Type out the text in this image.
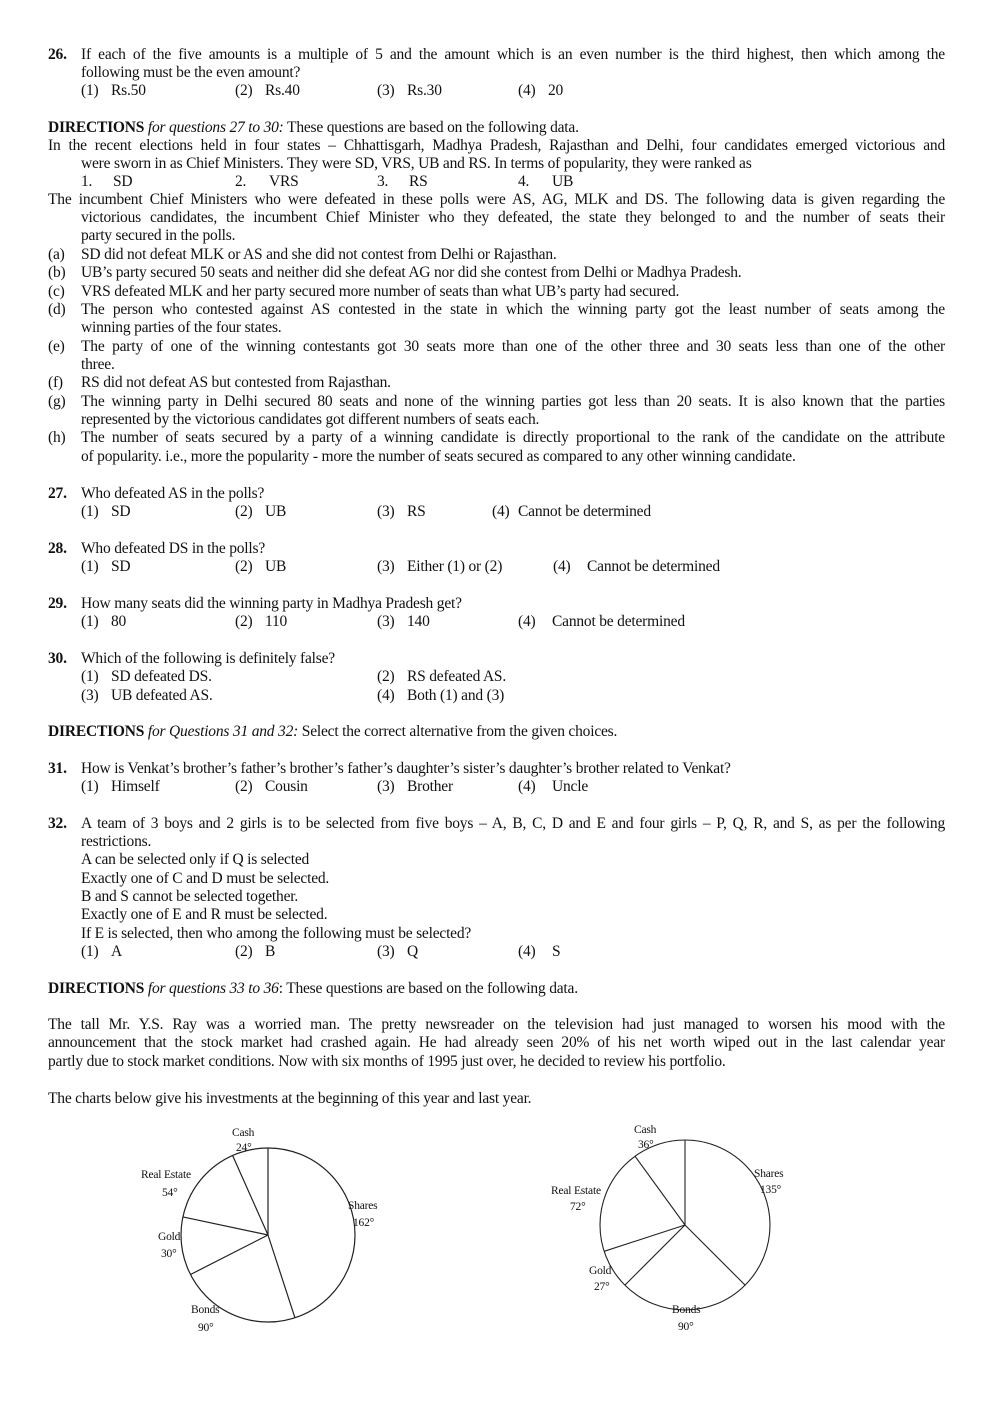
26. If each of the five amounts is a multiple of 5 and the amount which is an even number is the third highest, then which among the
following must be the even amount?
(1) Rs.50	(2) Rs.40	(3) Rs.30	(4) 20
DIRECTIONS for questions 27 to 30: These questions are based on the following data.
In the recent elections held in four states – Chhattisgarh, Madhya Pradesh, Rajasthan and Delhi, four candidates emerged victorious and
were sworn in as Chief Ministers. They were SD, VRS, UB and RS. In terms of popularity, they were ranked as
1. SD	2. VRS	3. RS	4. UB
The incumbent Chief Ministers who were defeated in these polls were AS, AG, MLK and DS. The following data is given regarding the
victorious candidates, the incumbent Chief Minister who they defeated, the state they belonged to and the number of seats their
party secured in the polls.
(a) SD did not defeat MLK or AS and she did not contest from Delhi or Rajasthan.
(b) UB’s party secured 50 seats and neither did she defeat AG nor did she contest from Delhi or Madhya Pradesh.
(c) VRS defeated MLK and her party secured more number of seats than what UB’s party had secured.
(d) The person who contested against AS contested in the state in which the winning party got the least number of seats among the
winning parties of the four states.
(e) The party of one of the winning contestants got 30 seats more than one of the other three and 30 seats less than one of the other
three.
(f) RS did not defeat AS but contested from Rajasthan.
(g) The winning party in Delhi secured 80 seats and none of the winning parties got less than 20 seats. It is also known that the parties
represented by the victorious candidates got different numbers of seats each.
(h) The number of seats secured by a party of a winning candidate is directly proportional to the rank of the candidate on the attribute
of popularity. i.e., more the popularity - more the number of seats secured as compared to any other winning candidate.
27. Who defeated AS in the polls?
(1) SD	(2) UB	(3) RS	(4) Cannot be determined
28. Who defeated DS in the polls?
(1) SD	(2) UB	(3) Either (1) or (2)	(4) Cannot be determined
29. How many seats did the winning party in Madhya Pradesh get?
(1) 80	(2) 110	(3) 140	(4) Cannot be determined
30. Which of the following is definitely false?
(1) SD defeated DS.	(2) RS defeated AS.
(3) UB defeated AS.	(4) Both (1) and (3)
DIRECTIONS for Questions 31 and 32: Select the correct alternative from the given choices.
31. How is Venkat’s brother’s father’s brother’s father’s daughter’s sister’s daughter’s brother related to Venkat?
(1) Himself	(2) Cousin	(3) Brother	(4) Uncle
32. A team of 3 boys and 2 girls is to be selected from five boys – A, B, C, D and E and four girls – P, Q, R, and S, as per the following
restrictions.
A can be selected only if Q is selected
Exactly one of C and D must be selected.
B and S cannot be selected together.
Exactly one of E and R must be selected.
If E is selected, then who among the following must be selected?
(1) A	(2) B	(3) Q	(4) S
DIRECTIONS for questions 33 to 36: These questions are based on the following data.
The tall Mr. Y.S. Ray was a worried man. The pretty newsreader on the television had just managed to worsen his mood with the
announcement that the stock market had crashed again. He had already seen 20% of his net worth wiped out in the last calendar year
partly due to stock market conditions. Now with six months of 1995 just over, he decided to review his portfolio.
The charts below give his investments at the beginning of this year and last year.
Cash
24°
Real Estate
54°
Gold
30°
Shares
162°
Bonds
90°
Cash
36°
Real Estate
72°
Gold
27°
Shares
135°
Bonds
90°
